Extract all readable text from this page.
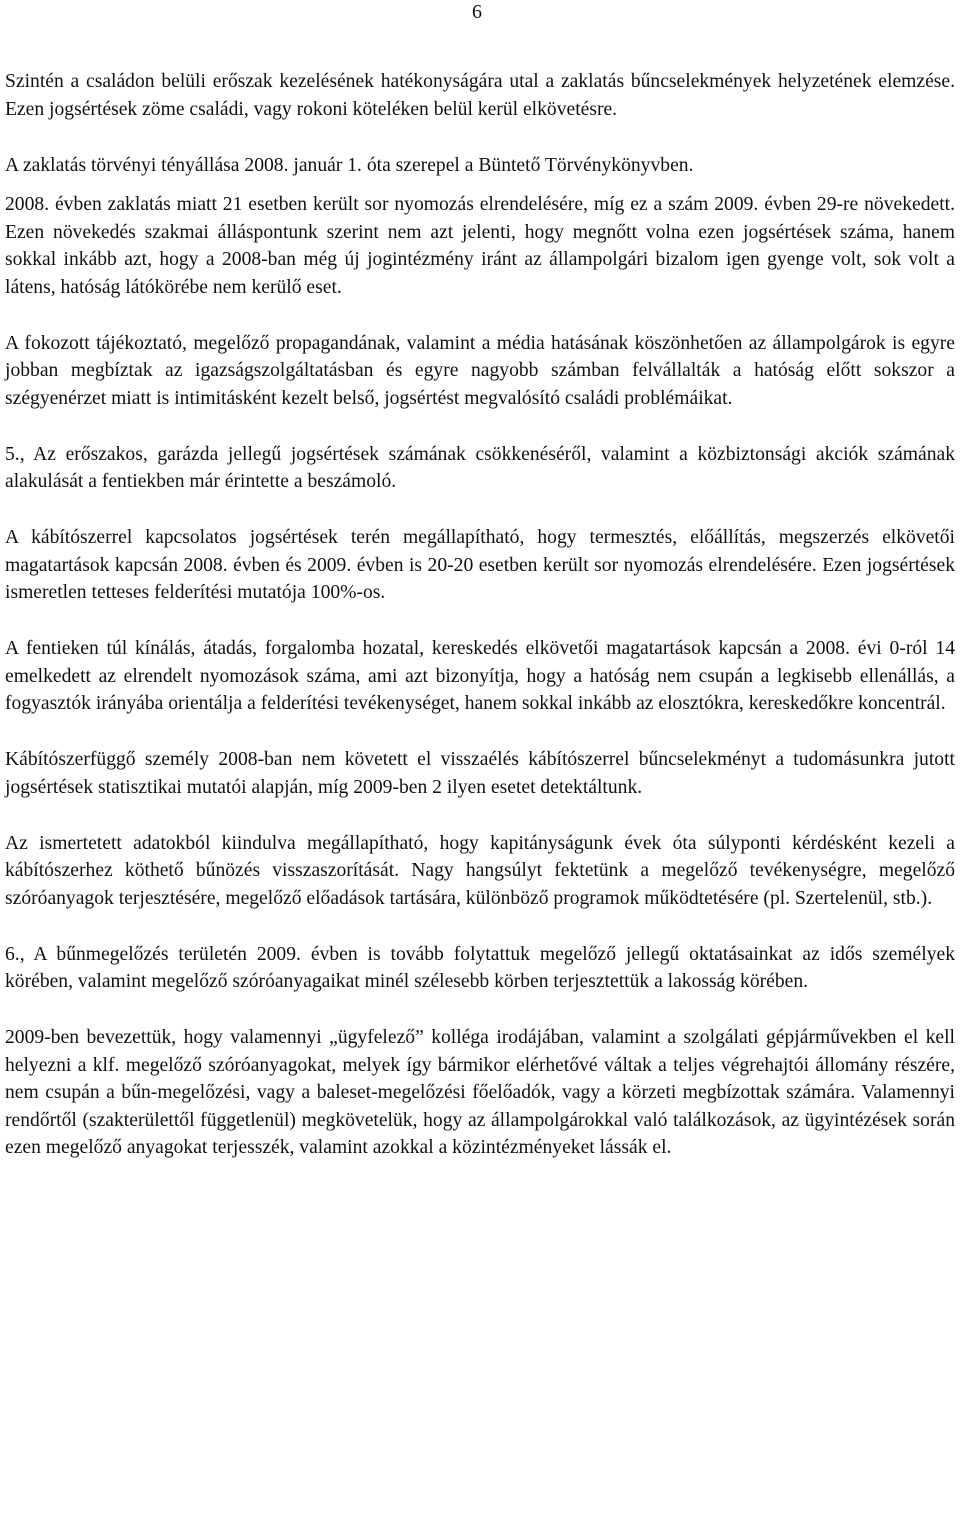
6

Szintén a családon belüli erőszak kezelésének hatékonyságára utal a zaklatás bűncselekmények helyzetének elemzése. Ezen jogsértések zöme családi, vagy rokoni köteléken belül kerül elkövetésre.

A zaklatás törvényi tényállása 2008. január 1. óta szerepel a Büntető Törvénykönyvben.

2008. évben zaklatás miatt 21 esetben került sor nyomozás elrendelésére, míg ez a szám 2009. évben 29-re növekedett. Ezen növekedés szakmai álláspontunk szerint nem azt jelenti, hogy megnőtt volna ezen jogsértések száma, hanem sokkal inkább azt, hogy a 2008-ban még új jogintézmény iránt az állampolgári bizalom igen gyenge volt, sok volt a látens, hatóság látókörébe nem kerülő eset.

A fokozott tájékoztató, megelőző propagandának, valamint a média hatásának köszönhetően az állampolgárok is egyre jobban megbíztak az igazságszolgáltatásban és egyre nagyobb számban felvállalták a hatóság előtt sokszor a szégyenérzet miatt is intimitásként kezelt belső, jogsértést megvalósító családi problémáikat.

5., Az erőszakos, garázda jellegű jogsértések számának csökkenéséről, valamint a közbiztonsági akciók számának alakulását a fentiekben már érintette a beszámoló.

A kábítószerrel kapcsolatos jogsértések terén megállapítható, hogy termesztés, előállítás, megszerzés elkövetői magatartások kapcsán 2008. évben és 2009. évben is 20-20 esetben került sor nyomozás elrendelésére. Ezen jogsértések ismeretlen tetteses felderítési mutatója 100%-os.

A fentieken túl kínálás, átadás, forgalomba hozatal, kereskedés elkövetői magatartások kapcsán a 2008. évi 0-ról 14 emelkedett az elrendelt nyomozások száma, ami azt bizonyítja, hogy a hatóság nem csupán a legkisebb ellenállás, a fogyasztók irányába orientálja a felderítési tevékenységet, hanem sokkal inkább az elosztókra, kereskedőkre koncentrál.

Kábítószerfüggő személy 2008-ban nem követett el visszaélés kábítószerrel bűncselekményt a tudomásunkra jutott jogsértések statisztikai mutatói alapján, míg 2009-ben 2 ilyen esetet detektáltunk.

Az ismertetett adatokból kiindulva megállapítható, hogy kapitányságunk évek óta súlyponti kérdésként kezeli a kábítószerhez köthető bűnözés visszaszorítását. Nagy hangsúlyt fektetünk a megelőző tevékenységre, megelőző szóróanyagok terjesztésére, megelőző előadások tartására, különböző programok működtetésére (pl. Szertelenül, stb.).

6., A bűnmegelőzés területén 2009. évben is tovább folytattuk megelőző jellegű oktatásainkat az idős személyek körében, valamint megelőző szóróanyagaikat minél szélesebb körben terjesztettük a lakosság körében.

2009-ben bevezettük, hogy valamennyi „ügyfelező” kolléga irodájában, valamint a szolgálati gépjárművekben el kell helyezni a klf. megelőző szóróanyagokat, melyek így bármikor elérhetővé váltak a teljes végrehajtói állomány részére, nem csupán a bűn-megelőzési, vagy a baleset-megelőzési főelőadók, vagy a körzeti megbízottak számára. Valamennyi rendőrtől (szakterülettől függetlenül) megkövetelük, hogy az állampolgárokkal való találkozások, az ügyintézések során ezen megelőző anyagokat terjesszék, valamint azokkal a közintézményeket lássák el.
